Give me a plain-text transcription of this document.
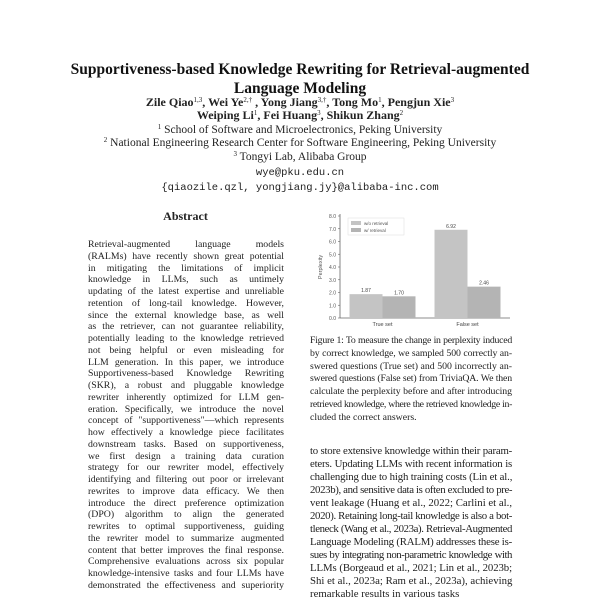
Supportiveness-based Knowledge Rewriting for Retrieval-augmented
Language Modeling
Zile Qiao$^{1,3}$, Wei $Ye^{2,\dagger}$ , Yong Jiang$^{3,\dagger}$, Tong Mo$^1$, Pengjun Xie$^3$
Weiping Li$^1$, Fei Huang$^3$, Shikun Zhang$^2$
$^1$ School of Software and Microelectronics, Peking University
$^2$ National Engineering Research Center for Software Engineering, Peking University
$^3$ Tongyi Lab, Alibaba Group
wye@pku.edu.cn
{qiaozile.qzl, yongjiang.jy}@alibaba-inc.com
Abstract
Retrieval-augmented language models
(RALMs) have recently shown great potential
in mitigating the limitations of implicit
knowledge in LLMs, such as untimely
updating of the latest expertise and unreliable
retention of long-tail knowledge. However,
since the external knowledge base, as well
as the retriever, can not guarantee reliability,
potentially leading to the knowledge retrieved
not being helpful or even misleading for
LLM generation. In this paper, we introduce
Supportiveness-based Knowledge Rewriting
(SKR), a robust and pluggable knowledge
rewriter inherently optimized for LLM gen-
eration. Specifically, we introduce the novel
concept of "supportiveness"—which represents
how effectively a knowledge piece facilitates
downstream tasks. Based on supportiveness,
we first design a training data curation
strategy for our rewriter model, effectively
identifying and filtering out poor or irrelevant
rewrites to improve data efficacy. We then
introduce the direct preference optimization
(DPO) algorithm to align the generated
rewrites to optimal supportiveness, guiding
the rewriter model to summarize augmented
content that better improves the final response.
Comprehensive evaluations across six popular
knowledge-intensive tasks and four LLMs have
demonstrated the effectiveness and superiority
0.0
1.0
2.0
3.0
4.0
5.0
6.0
7.0
8.0
Perplexity
1.87	1.70
True set
6.92
2.46
False set
w/o retrieval
w/ retrieval
Figure 1: To measure the change in perplexity induced
by correct knowledge, we sampled 500 correctly an-
swered questions (True set) and 500 incorrectly an-
swered questions (False set) from TriviaQA. We then
calculate the perplexity before and after introducing
retrieved knowledge, where the retrieved knowledge in-
cluded the correct answers.
to store extensive knowledge within their param-
eters. Updating LLMs with recent information is
challenging due to high training costs (Lin et al.,
2023b), and sensitive data is often excluded to pre-
vent leakage (Huang et al., 2022; Carlini et al.,
2020). Retaining long-tail knowledge is also a bot-
tleneck (Wang et al., 2023a). Retrieval-Augmented
Language Modeling (RALM) addresses these is-
sues by integrating non-parametric knowledge with
LLMs (Borgeaud et al., 2021; Lin et al., 2023b;
Shi et al., 2023a; Ram et al., 2023a), achieving
remarkable results in various tasks
